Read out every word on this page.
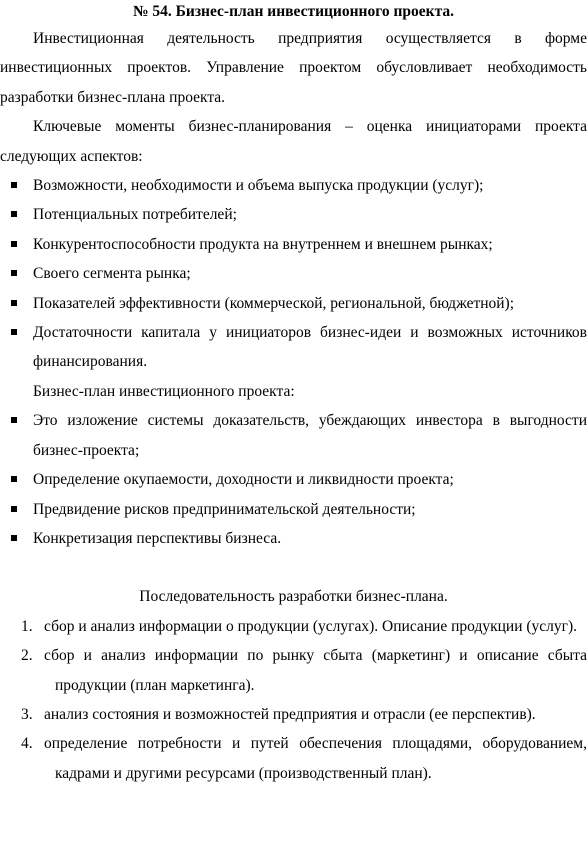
№ 54. Бизнес-план инвестиционного проекта.

Инвестиционная деятельность предприятия осуществляется в форме инвестиционных проектов. Управление проектом обусловливает необходимость разработки бизнес-плана проекта.

Ключевые моменты бизнес-планирования – оценка инициаторами проекта следующих аспектов:

Возможности, необходимости и объема выпуска продукции (услуг);
Потенциальных потребителей;
Конкурентоспособности продукта на внутреннем и внешнем рынках;
Своего сегмента рынка;
Показателей эффективности (коммерческой, региональной, бюджетной);
Достаточности капитала у инициаторов бизнес-идеи и возможных источников финансирования.

Бизнес-план инвестиционного проекта:

Это изложение системы доказательств, убеждающих инвестора в выгодности бизнес-проекта;
Определение окупаемости, доходности и ликвидности проекта;
Предвидение рисков предпринимательской деятельности;
Конкретизация перспективы бизнеса.

Последовательность разработки бизнес-плана.

1. сбор и анализ информации о продукции (услугах). Описание продукции (услуг).
2. сбор и анализ информации по рынку сбыта (маркетинг) и описание сбыта продукции (план маркетинга).
3. анализ состояния и возможностей предприятия и отрасли (ее перспектив).
4. определение потребности и путей обеспечения площадями, оборудованием, кадрами и другими ресурсами (производственный план).
